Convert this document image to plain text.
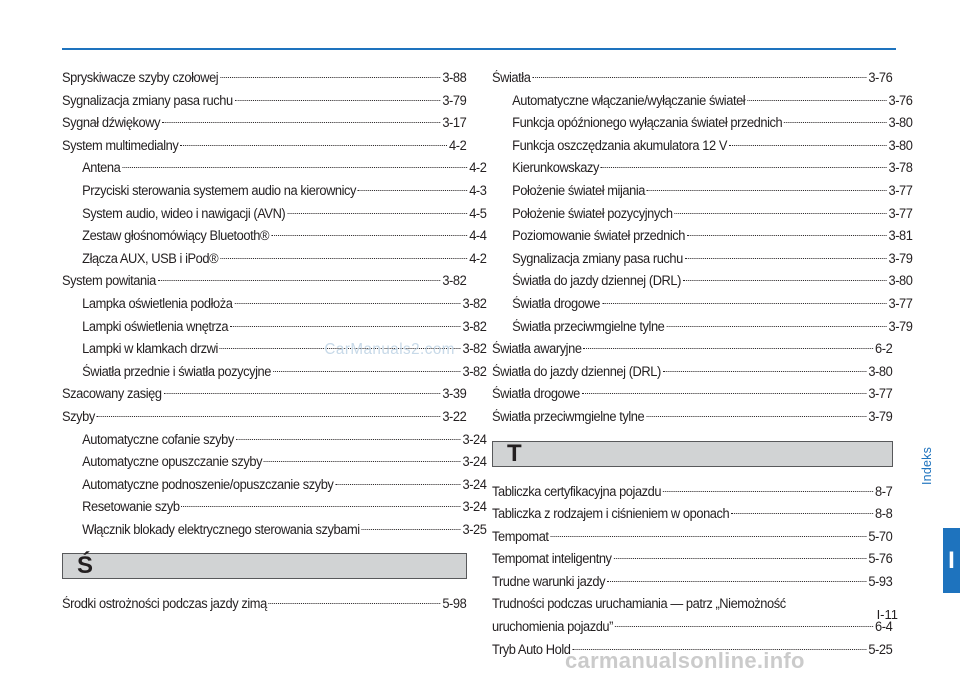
Spryskiwacze szyby czołowej	3-88
Sygnalizacja zmiany pasa ruchu	3-79
Sygnał dźwiękowy	3-17
System multimedialny	4-2
Antena	4-2
Przyciski sterowania systemem audio na kierownicy	4-3
System audio, wideo i nawigacji (AVN)	4-5
Zestaw głośnomówiący Bluetooth®	4-4
Złącza AUX, USB i iPod®	4-2
System powitania	3-82
Lampka oświetlenia podłoża	3-82
Lampki oświetlenia wnętrza	3-82
Lampki w klamkach drzwi	3-82
Światła przednie i światła pozycyjne	3-82
Szacowany zasięg	3-39
Szyby	3-22
Automatyczne cofanie szyby	3-24
Automatyczne opuszczanie szyby	3-24
Automatyczne podnoszenie/opuszczanie szyby	3-24
Resetowanie szyb	3-24
Włącznik blokady elektrycznego sterowania szybami	3-25
Ś
Środki ostrożności podczas jazdy zimą	5-98
Światła	3-76
Automatyczne włączanie/wyłączanie świateł	3-76
Funkcja opóźnionego wyłączania świateł przednich	3-80
Funkcja oszczędzania akumulatora 12 V	3-80
Kierunkowskazy	3-78
Położenie świateł mijania	3-77
Położenie świateł pozycyjnych	3-77
Poziomowanie świateł przednich	3-81
Sygnalizacja zmiany pasa ruchu	3-79
Światła do jazdy dziennej (DRL)	3-80
Światła drogowe	3-77
Światła przeciwmgielne tylne	3-79
Światła awaryjne	6-2
Światła do jazdy dziennej (DRL)	3-80
Światła drogowe	3-77
Światła przeciwmgielne tylne	3-79
T
Tabliczka certyfikacyjna pojazdu	8-7
Tabliczka z rodzajem i ciśnieniem w oponach	8-8
Tempomat	5-70
Tempomat inteligentny	5-76
Trudne warunki jazdy	5-93
Trudności podczas uruchamiania — patrz „Niemożność
uruchomienia pojazdu”	6-4
Tryb Auto Hold	5-25
CarManuals2.com
Indeks
I
I-11
carmanualsonline.info
